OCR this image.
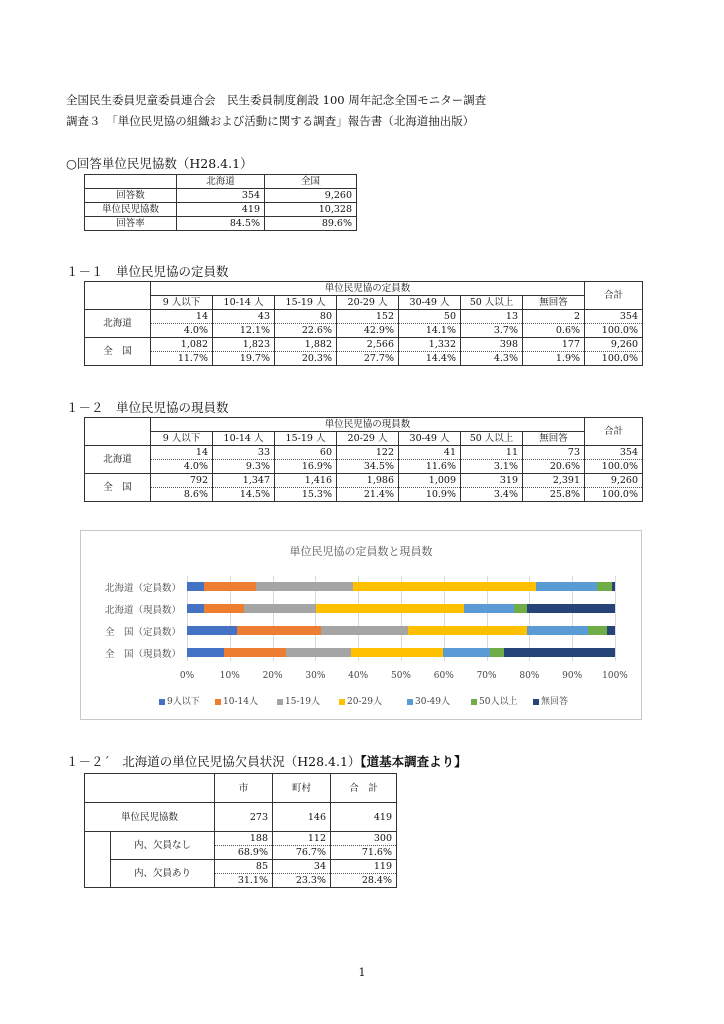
全国民生委員児童委員連合会　民生委員制度創設 100 周年記念全国モニター調査
調査３　「単位民児協の組織および活動に関する調査」報告書（北海道抽出版）
○回答単位民児協数（H28.4.1）
	北海道	全国
回答数	354	9,260
単位民児協数	419	10,328
回答率	84.5%	89.6%
１－１　単位民児協の定員数
	単位民児協の定員数							合計
	9 人以下	10-14 人	15-19 人	20-29 人	30-49 人	50 人以上	無回答	
北海道	14	43	80	152	50	13	2	354
	4.0%	12.1%	22.6%	42.9%	14.1%	3.7%	0.6%	100.0%
全　国	1,082	1,823	1,882	2,566	1,332	398	177	9,260
	11.7%	19.7%	20.3%	27.7%	14.4%	4.3%	1.9%	100.0%
１－２　単位民児協の現員数
	単位民児協の現員数							合計
	9 人以下	10-14 人	15-19 人	20-29 人	30-49 人	50 人以上	無回答	
北海道	14	33	60	122	41	11	73	354
	4.0%	9.3%	16.9%	34.5%	11.6%	3.1%	20.6%	100.0%
全　国	792	1,347	1,416	1,986	1,009	319	2,391	9,260
	8.6%	14.5%	15.3%	21.4%	10.9%	3.4%	25.8%	100.0%
単位民児協の定員数と現員数
0%	10%	20%	30%	40%	50%	60%	70%	80%	90%	100%
北海道（定員数）
北海道（現員数）
全　国（定員数）
全　国（現員数）
9人以下	10-14人	15-19人	20-29人	30-49人	50人以上	無回答
１－２´　北海道の単位民児協欠員状況（H28.4.1）【道基本調査より】
		市	町村	合　計
単位民児協数		273	146	419
	内、欠員なし	188	112	300
		68.9%	76.7%	71.6%
	内、欠員あり	85	34	119
		31.1%	23.3%	28.4%
1
